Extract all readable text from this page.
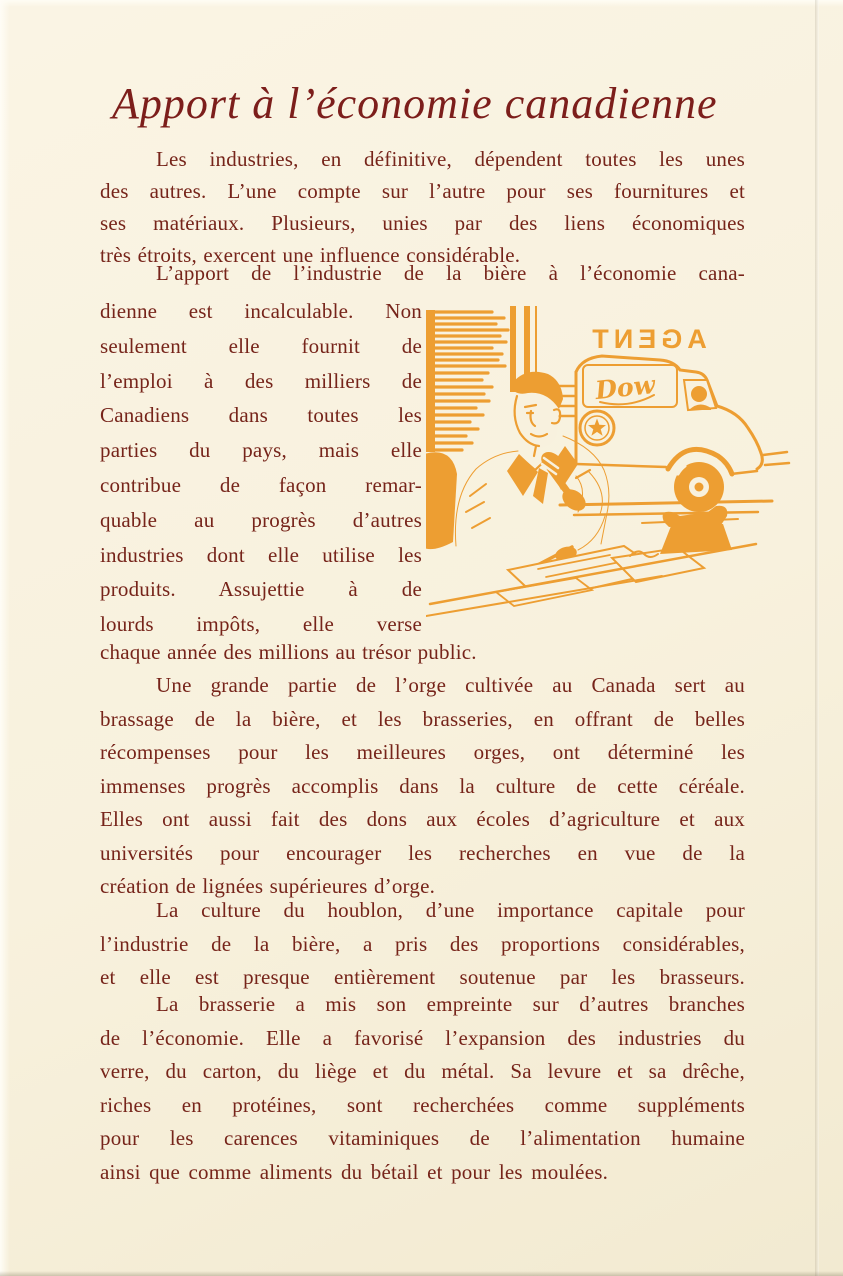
Apport à l’économie canadienne
Les industries, en définitive, dépendent toutes les unes
des autres. L’une compte sur l’autre pour ses fournitures et
ses matériaux. Plusieurs, unies par des liens économiques
très étroits, exercent une influence considérable.
L’apport de l’industrie de la bière à l’économie cana-
dienne est incalculable. Non
seulement elle fournit de
l’emploi à des milliers de
Canadiens dans toutes les
parties du pays, mais elle
contribue de façon remar-
quable au progrès d’autres
industries dont elle utilise les
produits. Assujettie à de
lourds impôts, elle verse
chaque année des millions au trésor public.
Une grande partie de l’orge cultivée au Canada sert au
brassage de la bière, et les brasseries, en offrant de belles
récompenses pour les meilleures orges, ont déterminé les
immenses progrès accomplis dans la culture de cette céréale.
Elles ont aussi fait des dons aux écoles d’agriculture et aux
universités pour encourager les recherches en vue de la
création de lignées supérieures d’orge.
La culture du houblon, d’une importance capitale pour
l’industrie de la bière, a pris des proportions considérables,
et elle est presque entièrement soutenue par les brasseurs.
La brasserie a mis son empreinte sur d’autres branches
de l’économie. Elle a favorisé l’expansion des industries du
verre, du carton, du liège et du métal. Sa levure et sa drêche,
riches en protéines, sont recherchées comme suppléments
pour les carences vitaminiques de l’alimentation humaine
ainsi que comme aliments du bétail et pour les moulées.
AGENT
Dow
